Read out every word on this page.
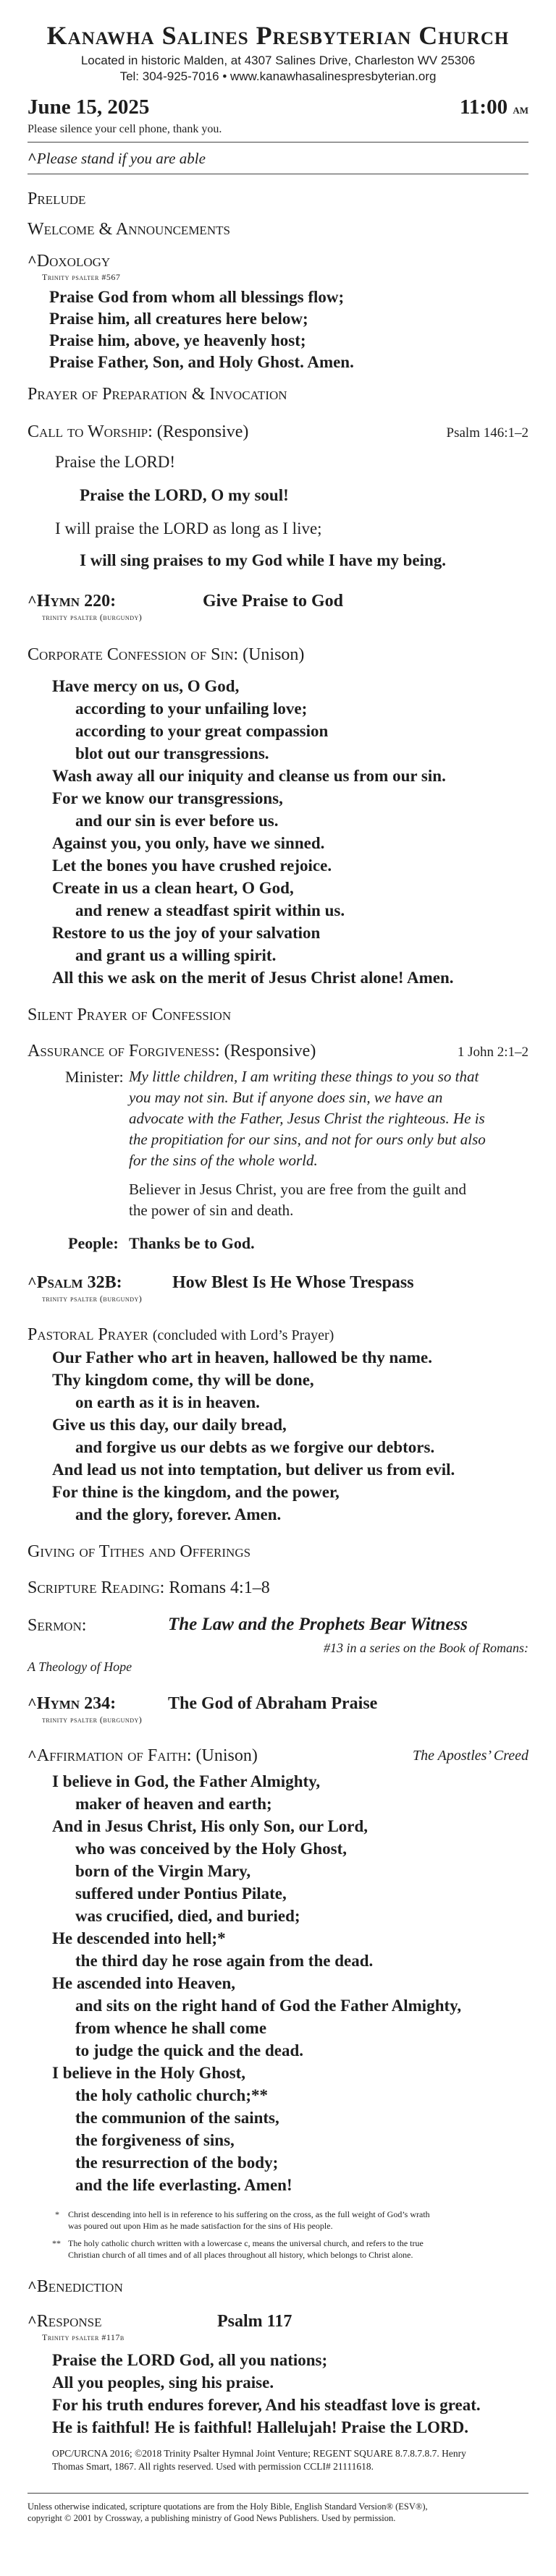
Kanawha Salines Presbyterian Church
Located in historic Malden, at 4307 Salines Drive, Charleston WV 25306
Tel: 304-925-7016 • www.kanawhasalinespresbyterian.org
June 15, 2025	11:00 am
Please silence your cell phone, thank you.
^Please stand if you are able
Prelude
Welcome & Announcements
^Doxology
Trinity psalter #567
Praise God from whom all blessings flow;
Praise him, all creatures here below;
Praise him, above, ye heavenly host;
Praise Father, Son, and Holy Ghost. Amen.
Prayer of Preparation & Invocation
Call to Worship: (Responsive)	Psalm 146:1–2
Praise the LORD!
Praise the LORD, O my soul!
I will praise the LORD as long as I live;
I will sing praises to my God while I have my being.
^Hymn 220:	Give Praise to God
trinity psalter (burgundy)
Corporate Confession of Sin: (Unison)
Have mercy on us, O God,
according to your unfailing love;
according to your great compassion
blot out our transgressions.
Wash away all our iniquity and cleanse us from our sin.
For we know our transgressions,
and our sin is ever before us.
Against you, you only, have we sinned.
Let the bones you have crushed rejoice.
Create in us a clean heart, O God,
and renew a steadfast spirit within us.
Restore to us the joy of your salvation
and grant us a willing spirit.
All this we ask on the merit of Jesus Christ alone! Amen.
Silent Prayer of Confession
Assurance of Forgiveness: (Responsive)	1 John 2:1–2
Minister: My little children, I am writing these things to you so that
you may not sin. But if anyone does sin, we have an
advocate with the Father, Jesus Christ the righteous. He is
the propitiation for our sins, and not for ours only but also
for the sins of the whole world.
Believer in Jesus Christ, you are free from the guilt and
the power of sin and death.
People: Thanks be to God.
^Psalm 32B:	How Blest Is He Whose Trespass
trinity psalter (burgundy)
Pastoral Prayer (concluded with Lord’s Prayer)
Our Father who art in heaven, hallowed be thy name.
Thy kingdom come, thy will be done,
on earth as it is in heaven.
Give us this day, our daily bread,
and forgive us our debts as we forgive our debtors.
And lead us not into temptation, but deliver us from evil.
For thine is the kingdom, and the power,
and the glory, forever. Amen.
Giving of Tithes and Offerings
Scripture Reading: Romans 4:1–8
Sermon:	The Law and the Prophets Bear Witness
#13 in a series on the Book of Romans:
A Theology of Hope
^Hymn 234:	The God of Abraham Praise
trinity psalter (burgundy)
^Affirmation of Faith: (Unison)	The Apostles’ Creed
I believe in God, the Father Almighty,
maker of heaven and earth;
And in Jesus Christ, His only Son, our Lord,
who was conceived by the Holy Ghost,
born of the Virgin Mary,
suffered under Pontius Pilate,
was crucified, died, and buried;
He descended into hell;*
the third day he rose again from the dead.
He ascended into Heaven,
and sits on the right hand of God the Father Almighty,
from whence he shall come
to judge the quick and the dead.
I believe in the Holy Ghost,
the holy catholic church;**
the communion of the saints,
the forgiveness of sins,
the resurrection of the body;
and the life everlasting. Amen!
* Christ descending into hell is in reference to his suffering on the cross, as the full weight of God’s wrath
was poured out upon Him as he made satisfaction for the sins of His people.
** The holy catholic church written with a lowercase c, means the universal church, and refers to the true
Christian church of all times and of all places throughout all history, which belongs to Christ alone.
^Benediction
^Response	Psalm 117
Trinity psalter #117b
Praise the LORD God, all you nations;
All you peoples, sing his praise.
For his truth endures forever, And his steadfast love is great.
He is faithful! He is faithful! Hallelujah! Praise the LORD.
OPC/URCNA 2016; ©2018 Trinity Psalter Hymnal Joint Venture; REGENT SQUARE 8.7.8.7.8.7. Henry
Thomas Smart, 1867. All rights reserved. Used with permission CCLI# 21111618.
Unless otherwise indicated, scripture quotations are from the Holy Bible, English Standard Version® (ESV®),
copyright © 2001 by Crossway, a publishing ministry of Good News Publishers. Used by permission.
